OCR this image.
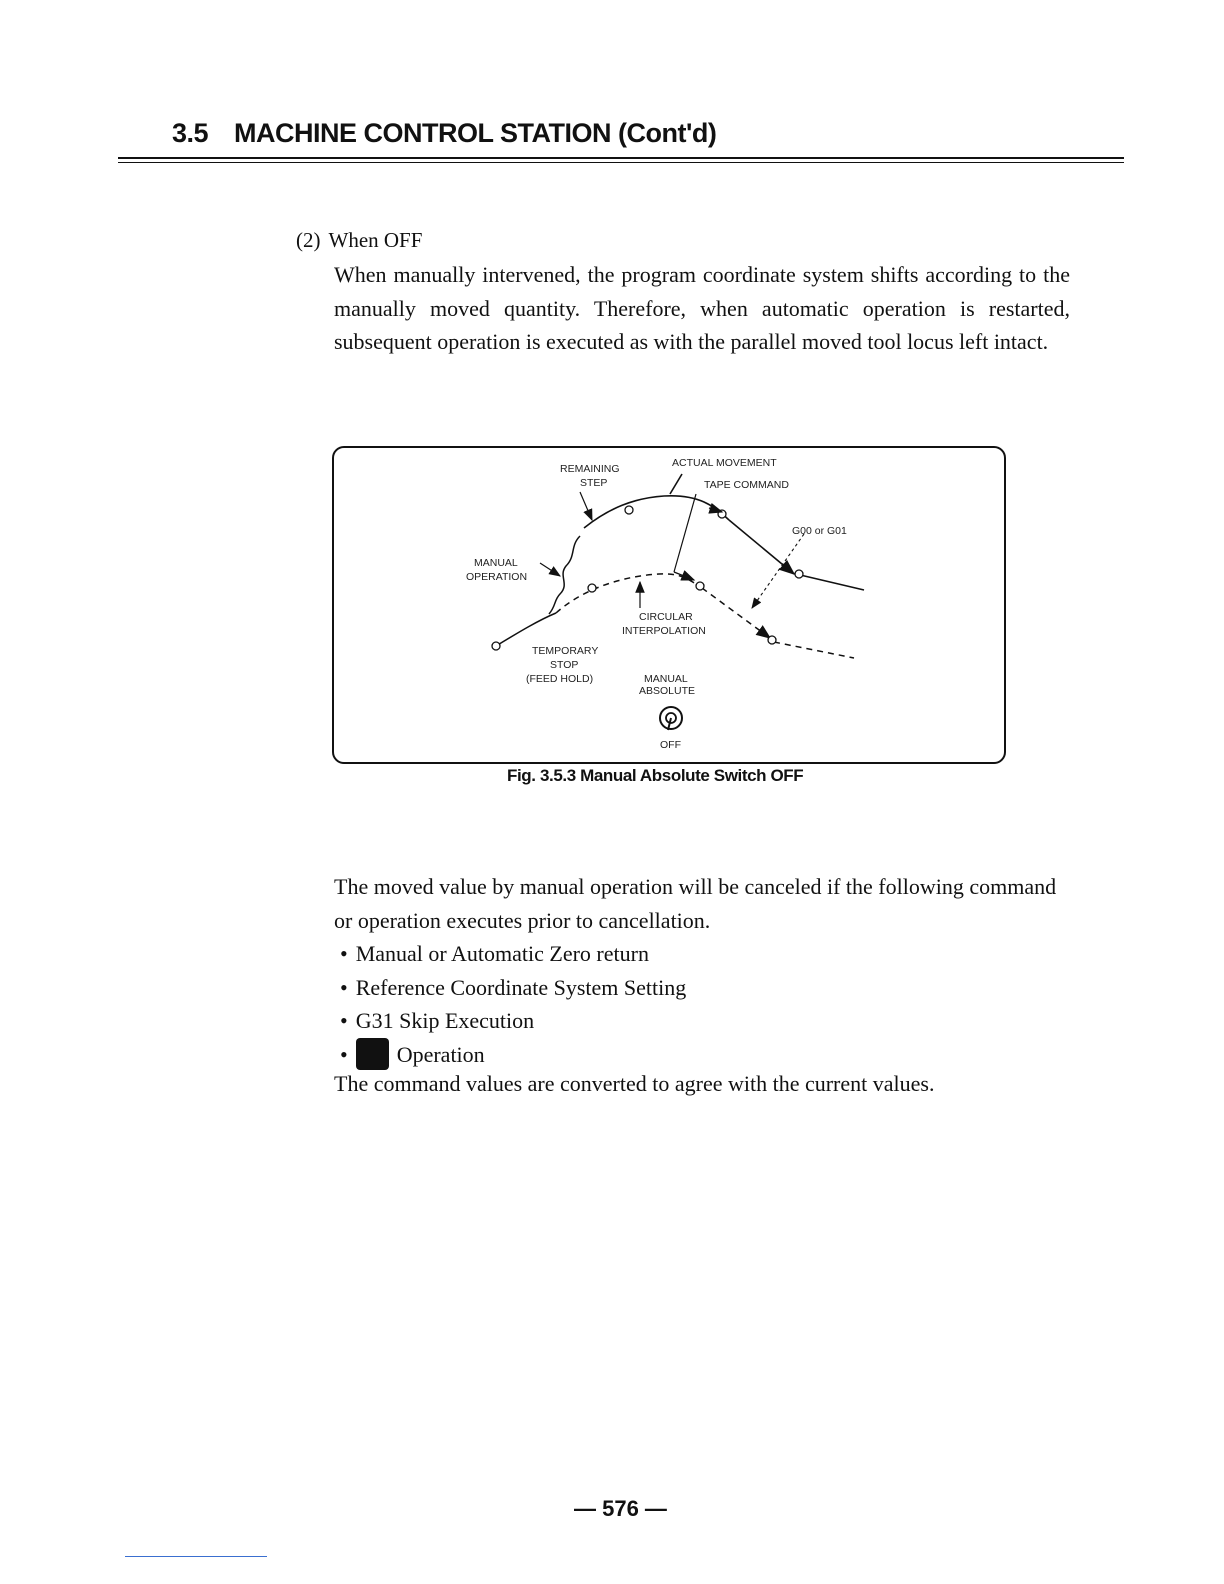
3.5 MACHINE CONTROL STATION (Cont'd)
(2) When OFF
When manually intervened, the program coordinate system shifts according to the manually moved quantity. Therefore, when automatic operation is restarted, subsequent operation is executed as with the parallel moved tool locus left intact.
REMAINING
STEP
ACTUAL MOVEMENT
TAPE COMMAND
G00 or G01
MANUAL
OPERATION
CIRCULAR
INTERPOLATION
TEMPORARY
STOP
(FEED HOLD)	MANUAL
ABSOLUTE
OFF
Fig. 3.5.3 Manual Absolute Switch OFF
The moved value by manual operation will be canceled if the following command or operation executes prior to cancellation.
• Manual or Automatic Zero return
• Reference Coordinate System Setting
• G31 Skip Execution
• Operation
The command values are converted to agree with the current values.
— 576 —
